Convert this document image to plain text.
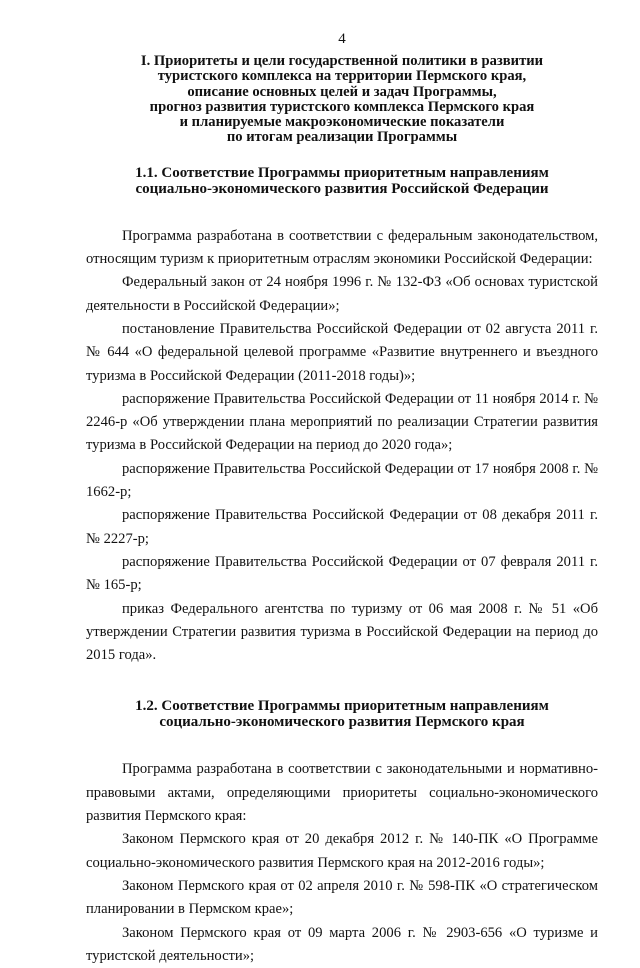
4
I. Приоритеты и цели государственной политики в развитии
туристского комплекса на территории Пермского края,
описание основных целей и задач Программы,
прогноз развития туристского комплекса Пермского края
и планируемые макроэкономические показатели
по итогам реализации Программы
1.1. Соответствие Программы приоритетным направлениям
социально-экономического развития Российской Федерации

Программа разработана в соответствии с федеральным законодательством, относящим туризм к приоритетным отраслям экономики Российской Федерации:

Федеральный закон от 24 ноября 1996 г. № 132-ФЗ «Об основах туристской деятельности в Российской Федерации»;

постановление Правительства Российской Федерации от 02 августа 2011 г. № 644 «О федеральной целевой программе «Развитие внутреннего и въездного туризма в Российской Федерации (2011-2018 годы)»;

распоряжение Правительства Российской Федерации от 11 ноября 2014 г. № 2246-р «Об утверждении плана мероприятий по реализации Стратегии развития туризма в Российской Федерации на период до 2020 года»;

распоряжение Правительства Российской Федерации от 17 ноября 2008 г. № 1662-р;

распоряжение Правительства Российской Федерации от 08 декабря 2011 г. № 2227-р;

распоряжение Правительства Российской Федерации от 07 февраля 2011 г. № 165-р;

приказ Федерального агентства по туризму от 06 мая 2008 г. № 51 «Об утверждении Стратегии развития туризма в Российской Федерации на период до 2015 года».

1.2. Соответствие Программы приоритетным направлениям
социально-экономического развития Пермского края

Программа разработана в соответствии с законодательными и нормативно-правовыми актами, определяющими приоритеты социально-экономического развития Пермского края:

Законом Пермского края от 20 декабря 2012 г. № 140-ПК «О Программе социально-экономического развития Пермского края на 2012-2016 годы»;

Законом Пермского края от 02 апреля 2010 г. № 598-ПК «О стратегическом планировании в Пермском крае»;

Законом Пермского края от 09 марта 2006 г. № 2903-656 «О туризме и туристской деятельности»;
